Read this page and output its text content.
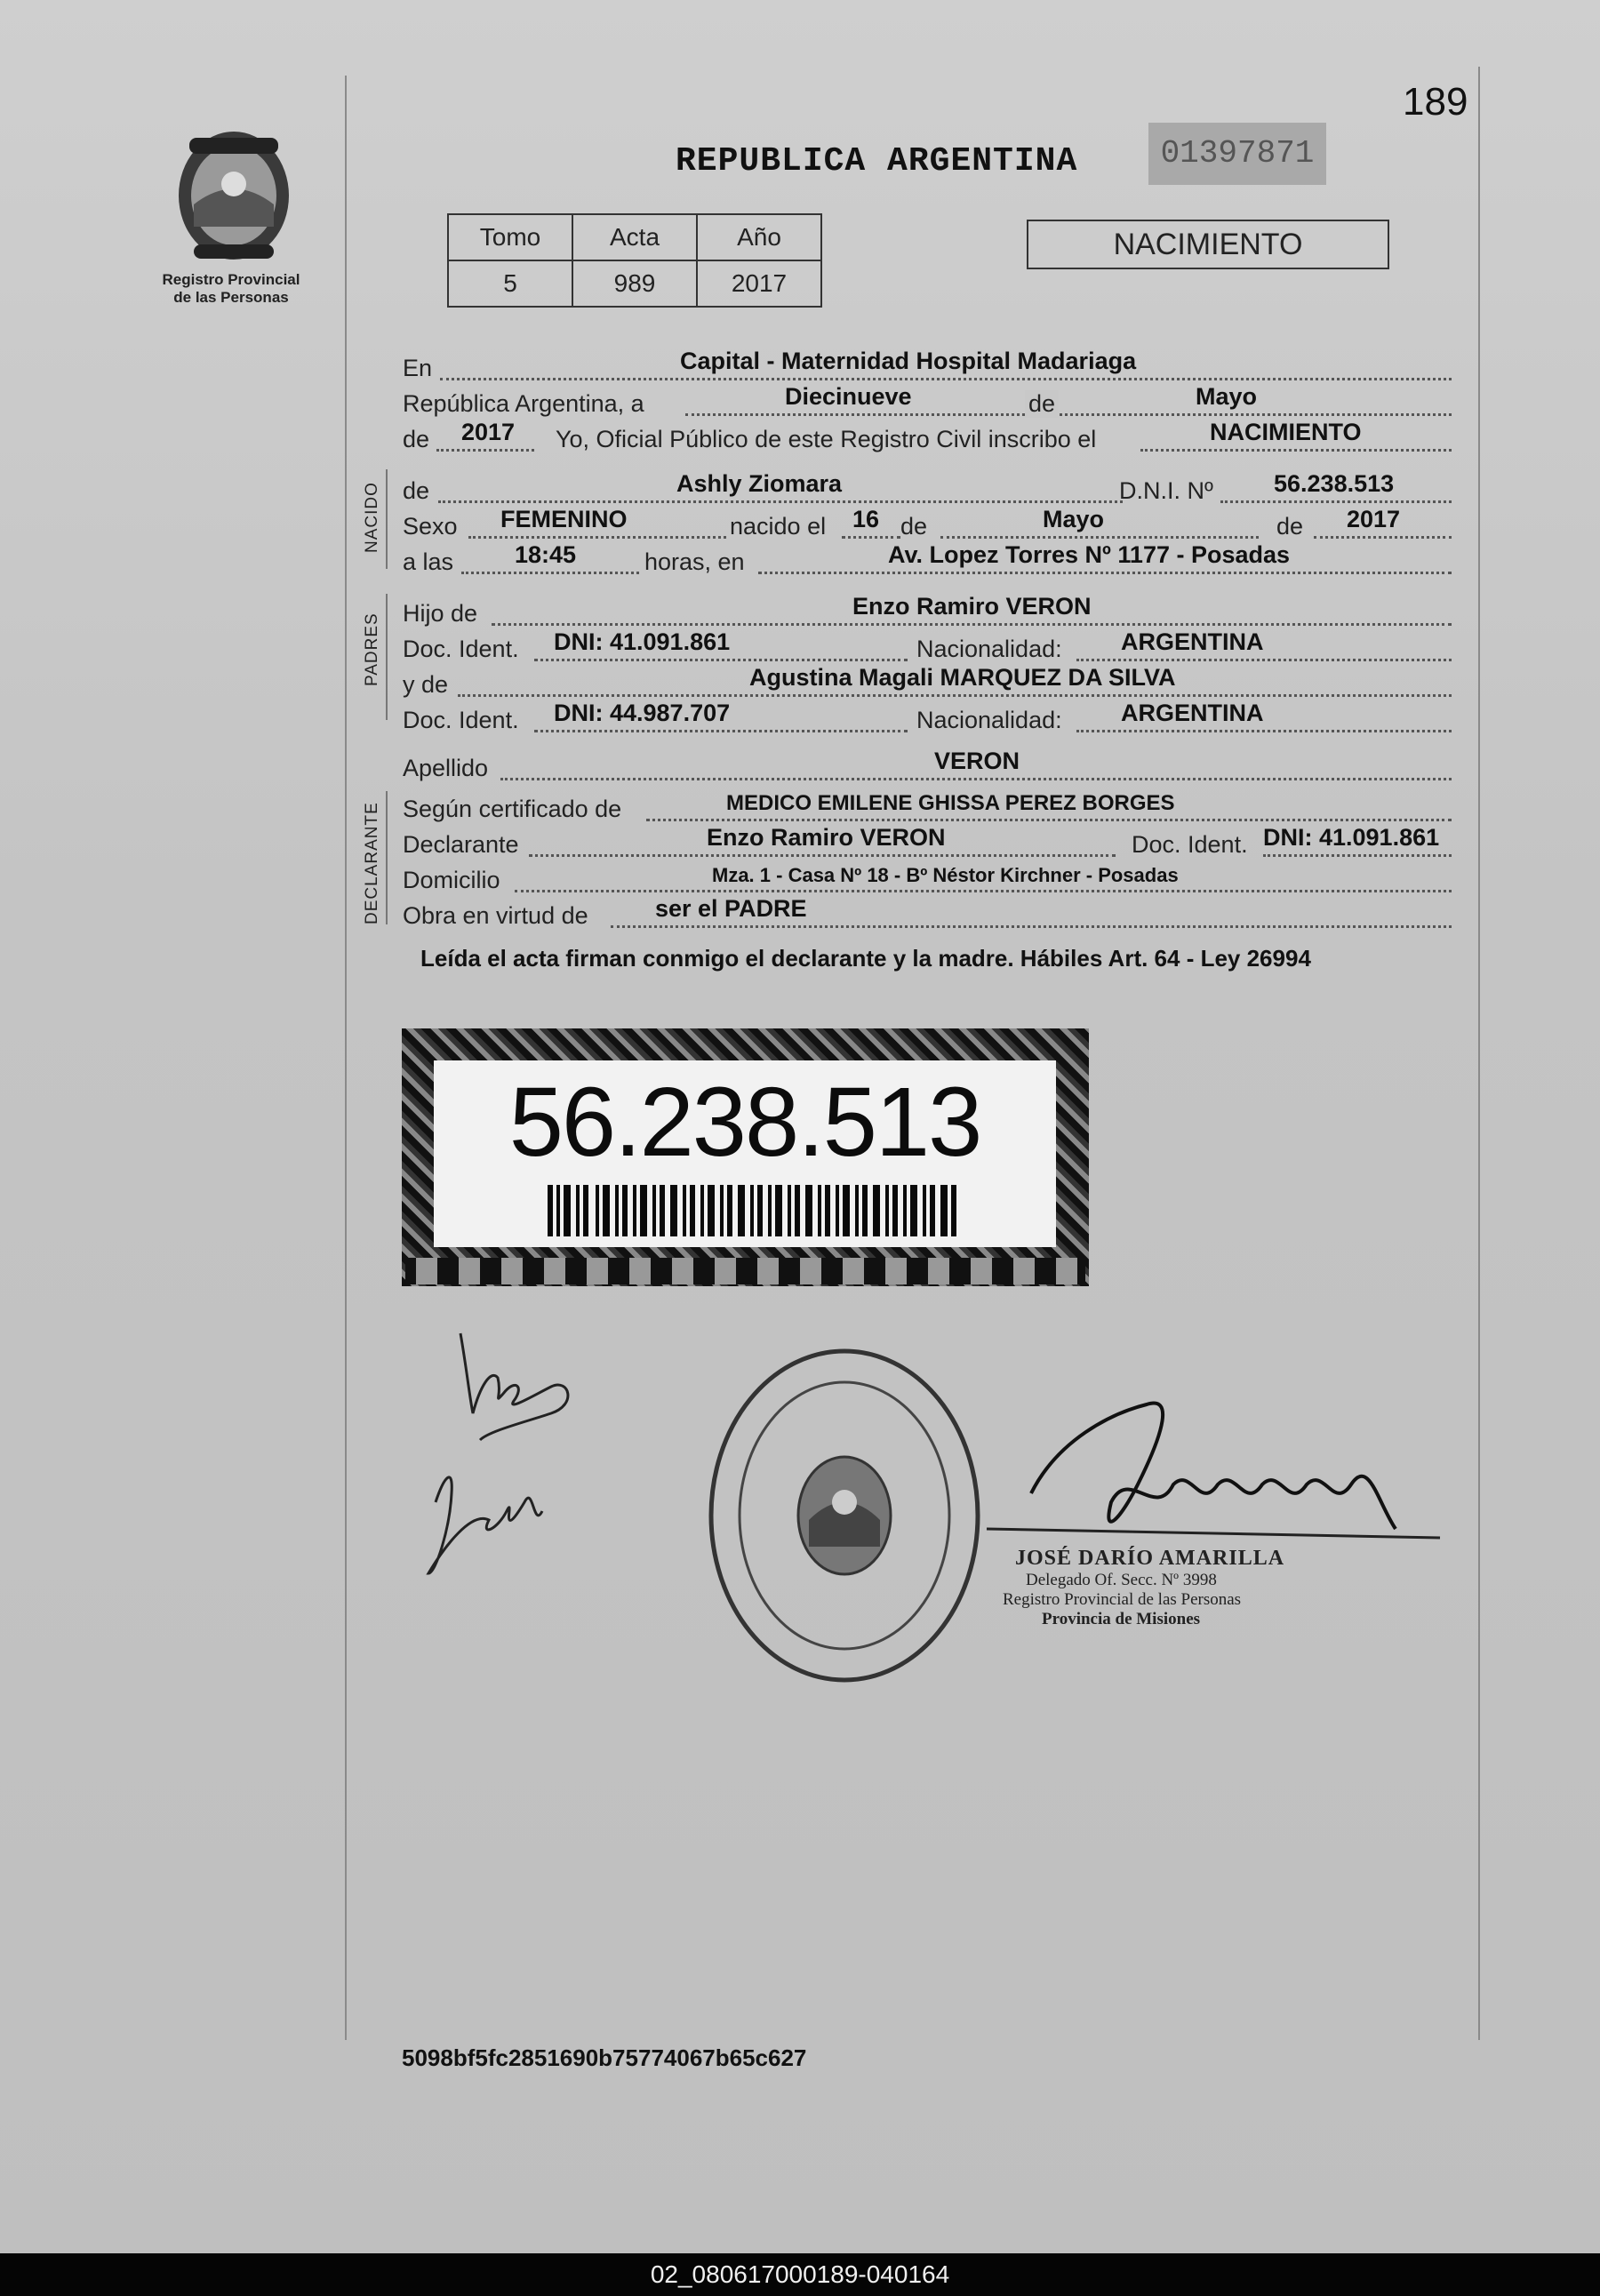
189
Registro Provincial
de las Personas
REPUBLICA ARGENTINA	01397871
Tomo	Acta	Año
5	989	2017
NACIMIENTO
En	Capital - Maternidad Hospital Madariaga
República Argentina, a	Diecinueve	de	Mayo
de 2017 Yo, Oficial Público de este Registro Civil inscribo el	NACIMIENTO
NACIDO de	Ashly Ziomara	D.N.I. Nº	56.238.513
Sexo FEMENINO	nacido el 16 de	Mayo	de 2017
a las	18:45	horas, en	Av. Lopez Torres Nº 1177 - Posadas
PADRES Hijo de	Enzo Ramiro VERON
Doc. Ident. DNI: 41.091.861	Nacionalidad: ARGENTINA
y de	Agustina Magali MARQUEZ DA SILVA
Doc. Ident. DNI: 44.987.707	Nacionalidad: ARGENTINA
Apellido	VERON
DECLARANTE Según certificado de	MEDICO EMILENE GHISSA PEREZ BORGES
Declarante	Enzo Ramiro VERON	Doc. Ident. DNI: 41.091.861
Domicilio	Mza. 1 - Casa Nº 18 - Bº Néstor Kirchner - Posadas
Obra en virtud de	ser el PADRE
Leída el acta firman conmigo el declarante y la madre. Hábiles Art. 64 - Ley 26994
56.238.513
JOSÉ DARÍO AMARILLA
Delegado Of. Secc. Nº 3998
Registro Provincial de las Personas
Provincia de Misiones
5098bf5fc2851690b75774067b65c627
02_080617000189-040164
